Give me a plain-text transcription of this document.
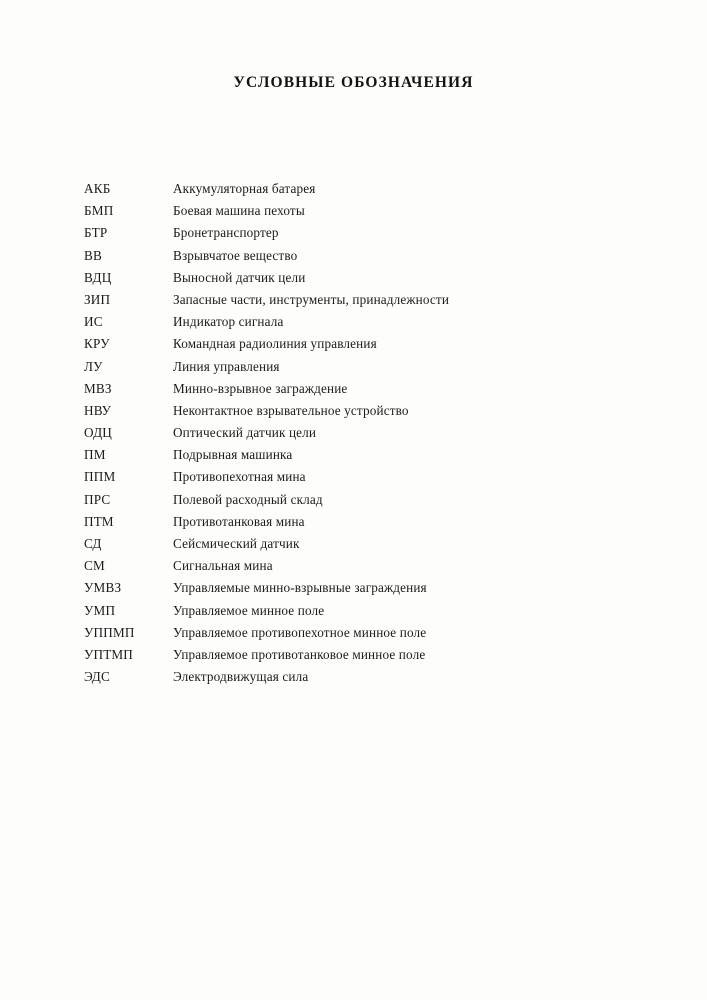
УСЛОВНЫЕ ОБОЗНАЧЕНИЯ
АКБ	Аккумуляторная батарея
БМП	Боевая машина пехоты
БТР	Бронетранспортер
ВВ	Взрывчатое вещество
ВДЦ	Выносной датчик цели
ЗИП	Запасные части, инструменты, принадлежности
ИС	Индикатор сигнала
КРУ	Командная радиолиния управления
ЛУ	Линия управления
МВЗ	Минно-взрывное заграждение
НВУ	Неконтактное взрывательное устройство
ОДЦ	Оптический датчик цели
ПМ	Подрывная машинка
ППМ	Противопехотная мина
ПРС	Полевой расходный склад
ПТМ	Противотанковая мина
СД	Сейсмический датчик
СМ	Сигнальная мина
УМВЗ	Управляемые минно-взрывные заграждения
УМП	Управляемое минное поле
УППМП	Управляемое противопехотное минное поле
УПТМП	Управляемое противотанковое минное поле
ЭДС	Электродвижущая сила
